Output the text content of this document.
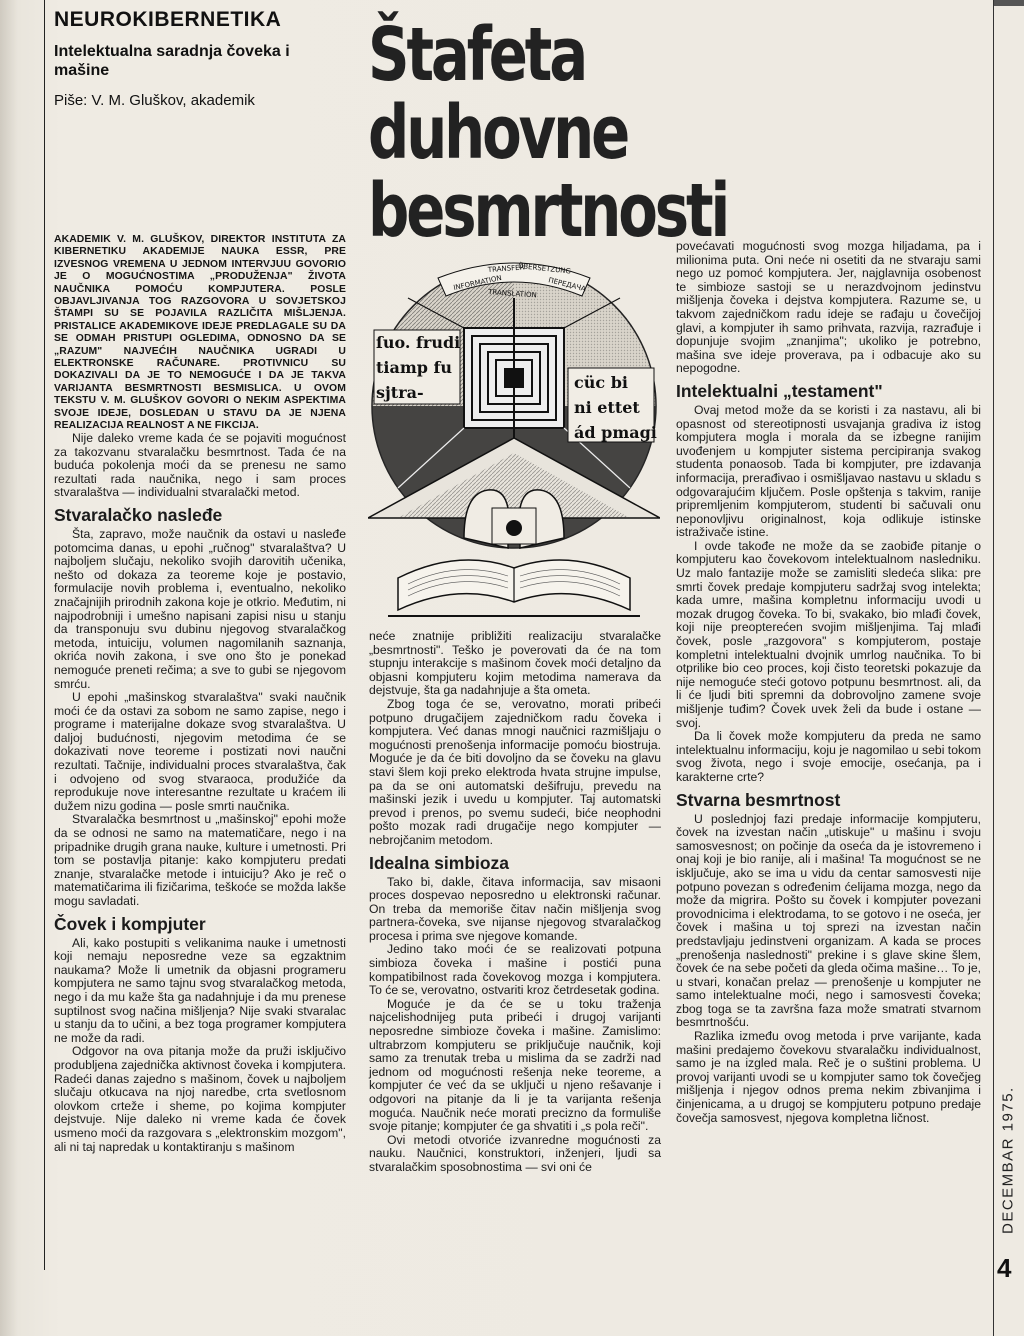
NEUROKIBERNETIKA
Intelektualna saradnja čoveka i mašine
Piše: V. M. Gluškov, akademik
Štafeta duhovne
besmrtnosti
AKADEMIK V. M. GLUŠKOV, DIREKTOR INSTITUTA ZA KIBERNETIKU AKADEMIJE NAUKA ESSR, PRE IZVESNOG VREMENA U JEDNOM INTERVJUU GOVORIO JE O MOGUĆNOSTIMA „PRODUŽENJA" ŽIVOTA NAUČNIKA POMOĆU KOMPJUTERA. POSLE OBJAVLJIVANJA TOG RAZGOVORA U SOVJETSKOJ ŠTAMPI SU SE POJAVILA RAZLIČITA MIŠLJENJA. PRISTALICE AKADEMIKOVE IDEJE PREDLAGALE SU DA SE ODMAH PRISTUPI OGLEDIMA, ODNOSNO DA SE „RAZUM" NAJVEĆIH NAUČNIKA UGRADI U ELEKTRONSKE RAČUNARE. PROTIVNICU SU DOKAZIVALI DA JE TO NEMOGUĆE I DA JE TAKVA VARIJANTA BESMRTNOSTI BESMISLICA. U OVOM TEKSTU V. M. GLUŠKOV GOVORI O NEKIM ASPEKTIMA SVOJE IDEJE, DOSLEDAN U STAVU DA JE NJENA REALIZACIJA REALNOST A NE FIKCIJA.
ſuo. frudi
tiamp fu
sjtra-
cüc bi
ni ettet
ád pmagi
INFORMATION
TRANSFER
ÜBERSETZUNG
TRANSLATION
ПЕРЕДАЧА

Nije daleko vreme kada će se pojaviti mogućnost za takozvanu stvaralačku besmrtnost. Tada će na buduća pokolenja moći da se prenesu ne samo rezultati rada naučnika, nego i sam proces stvaralaštva — individualni stvaralački metod.

Stvaralačko nasleđe

Šta, zapravo, može naučnik da ostavi u nasleđe potomcima danas, u epohi „ručnog" stvaralaštva? U najboljem slučaju, nekoliko svojih darovitih učenika, nešto od dokaza za teoreme koje je postavio, formulacije novih problema i, eventualno, nekoliko značajnijih prirodnih zakona koje je otkrio. Međutim, ni najpodrobniji i umešno napisani zapisi nisu u stanju da transponuju svu dubinu njegovog stvaralačkog metoda, intuiciju, volumen nagomilanih saznanja, okrića novih zakona, i sve ono što je ponekad nemoguće preneti rečima; a sve to gubi se njegovom smrću.

U epohi „mašinskog stvaralaštva" svaki naučnik moći će da ostavi za sobom ne samo zapise, nego i programe i materijalne dokaze svog stvaralaštva. U daljoj budućnosti, njegovim metodima će se dokazivati nove teoreme i postizati novi naučni rezultati. Tačnije, individualni proces stvaralaštva, čak i odvojeno od svog stvaraoca, produžiće da reprodukuje nove interesantne rezultate u kraćem ili dužem nizu godina — posle smrti naučnika.

Stvaralačka besmrtnost u „mašinskoj" epohi može da se odnosi ne samo na matematičare, nego i na pripadnike drugih grana nauke, kulture i umetnosti. Pri tom se postavlja pitanje: kako kompjuteru predati znanje, stvaralačke metode i intuiciju? Ako je reč o matematičarima ili fizičarima, teškoće se možda lakše mogu savladati.

Čovek i kompjuter

Ali, kako postupiti s velikanima nauke i umetnosti koji nemaju neposredne veze sa egzaktnim naukama? Može li umetnik da objasni programeru kompjutera ne samo tajnu svog stvaralačkog metoda, nego i da mu kaže šta ga nadahnjuje i da mu prenese suptilnost svog načina mišljenja? Nije svaki stvaralac u stanju da to učini, a bez toga programer kompjutera ne može da radi.

Odgovor na ova pitanja može da pruži isključivo produbljena zajednička aktivnost čoveka i kompjutera. Radeći danas zajedno s mašinom, čovek u najboljem slučaju otkucava na njoj naredbe, crta svetlosnom olovkom crteže i sheme, po kojima kompjuter dejstvuje. Nije daleko ni vreme kada će čovek usmeno moći da razgovara s „elektronskim mozgom", ali ni taj napredak u kontaktiranju s mašinom

neće znatnije približiti realizaciju stvaralačke „besmrtnosti". Teško je poverovati da će na tom stupnju interakcije s mašinom čovek moći detaljno da objasni kompjuteru kojim metodima namerava da dejstvuje, šta ga nadahnjuje a šta ometa.

Zbog toga će se, verovatno, morati pribeći potpuno drugačijem zajedničkom radu čoveka i kompjutera. Već danas mnogi naučnici razmišljaju o mogućnosti prenošenja informacije pomoću biostruja. Moguće je da će biti dovoljno da se čoveku na glavu stavi šlem koji preko elektroda hvata strujne impulse, pa da se oni automatski dešifruju, prevedu na mašinski jezik i uvedu u kompjuter. Taj automatski prevod i prenos, po svemu sudeći, biće neophodni pošto mozak radi drugačije nego kompjuter — nebrojčanim metodom.

Idealna simbioza

Tako bi, dakle, čitava informacija, sav misaoni proces dospevao neposredno u elektronski računar. On treba da memoriše čitav način mišljenja svog partnera-čoveka, sve nijanse njegovog stvaralačkog procesa i prima sve njegove komande.

Jedino tako moći će se realizovati potpuna simbioza čoveka i mašine i postići puna kompatibilnost rada čovekovog mozga i kompjutera. To će se, verovatno, ostvariti kroz četrdesetak godina.

Moguće je da će se u toku traženja najcelishodnijeg puta pribeći i drugoj varijanti neposredne simbioze čoveka i mašine. Zamislimo: ultrabrzom kompjuteru se priključuje naučnik, koji samo za trenutak treba u mislima da se zadrži nad jednom od mogućnosti rešenja neke teoreme, a kompjuter će već da se uključi u njeno rešavanje i odgovori na pitanje da li je ta varijanta rešenja moguća. Naučnik neće morati precizno da formuliše svoje pitanje; kompjuter će ga shvatiti i „s pola reči".

Ovi metodi otvoriće izvanredne mogućnosti za nauku. Naučnici, konstruktori, inženjeri, ljudi sa stvaralačkim sposobnostima — svi oni će

povećavati mogućnosti svog mozga hiljadama, pa i milionima puta. Oni neće ni osetiti da ne stvaraju sami nego uz pomoć kompjutera. Jer, najglavnija osobenost te simbioze sastoji se u nerazdvojnom jedinstvu mišljenja čoveka i dejstva kompjutera. Razume se, u takvom zajedničkom radu ideje se rađaju u čovečijoj glavi, a kompjuter ih samo prihvata, razvija, razrađuje i dopunjuje svojim „znanjima"; ukoliko je potrebno, mašina sve ideje proverava, pa i odbacuje ako su nepogodne.

Intelektualni „testament"

Ovaj metod može da se koristi i za nastavu, ali bi opasnost od stereotipnosti usvajanja gradiva iz istog kompjutera mogla i morala da se izbegne ranijim uvođenjem u kompjuter sistema percipiranja svakog studenta ponaosob. Tada bi kompjuter, pre izdavanja informacija, prerađivao i osmišljavao nastavu u skladu s odgovarajućim ključem. Posle opštenja s takvim, ranije pripremljenim kompjuterom, studenti bi sačuvali onu neponovljivu originalnost, koja odlikuje istinske istraživače istine.

I ovde takođe ne može da se zaobiđe pitanje o kompjuteru kao čovekovom intelektualnom nasledniku. Uz malo fantazije može se zamisliti sledeća slika: pre smrti čovek predaje kompjuteru sadržaj svog intelekta; kada umre, mašina kompletnu informaciju uvodi u mozak drugog čoveka. To bi, svakako, bio mlađi čovek, koji nije preopterećen svojim mišljenjima. Taj mlađi čovek, posle „razgovora" s kompjuterom, postaje kompletni intelektualni dvojnik umrlog naučnika. To bi otprilike bio ceo proces, koji čisto teoretski pokazuje da nije nemoguće steći gotovo potpunu besmrtnost. ali, da li će ljudi biti spremni da dobrovoljno zamene svoje mišljenje tuđim? Čovek uvek želi da bude i ostane — svoj.

Da li čovek može kompjuteru da preda ne samo intelektualnu informaciju, koju je nagomilao u sebi tokom svog života, nego i svoje emocije, osećanja, pa i karakterne crte?

Stvarna besmrtnost

U poslednjoj fazi predaje informacije kompjuteru, čovek na izvestan način „utiskuje" u mašinu i svoju samosvesnost; on počinje da oseća da je istovremeno i onaj koji je bio ranije, ali i mašina! Ta mogućnost se ne isključuje, ako se ima u vidu da centar samosvesti nije potpuno povezan s određenim ćelijama mozga, nego da može da migrira. Pošto su čovek i kompjuter povezani provodnicima i elektrodama, to se gotovo i ne oseća, jer čovek i mašina u toj sprezi na izvestan način predstavljaju jedinstveni organizam. A kada se proces „prenošenja naslednosti" prekine i s glave skine šlem, čovek će na sebe početi da gleda očima mašine… To je, u stvari, konačan prelaz — prenošenje u kompjuter ne samo intelektualne moći, nego i samosvesti čoveka; zbog toga se ta završna faza može smatrati stvarnom besmrtnošću.

Razlika između ovog metoda i prve varijante, kada mašini predajemo čovekovu stvaralačku individualnost, samo je na izgled mala. Reč je o suštini problema. U provoj varijanti uvodi se u kompjuter samo tok čovečjeg mišljenja i njegov odnos prema nekim zbivanjima i činjenicama, a u drugoj se kompjuteru potpuno predaje čovečja samosvest, njegova kompletna ličnost.	DECEMBAR 1975.
4
